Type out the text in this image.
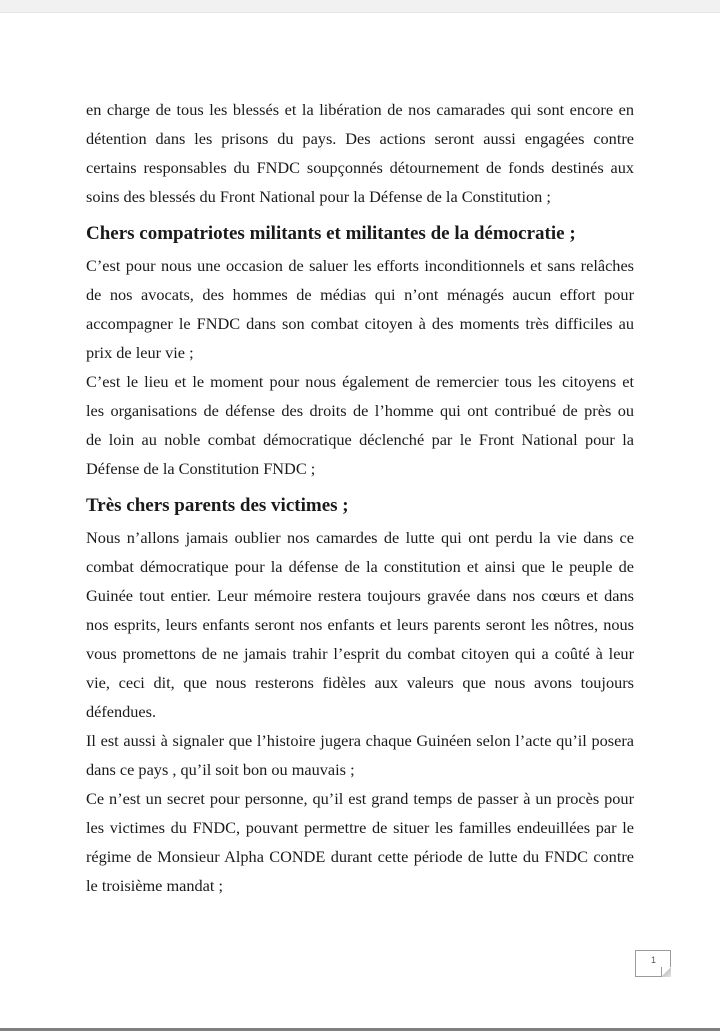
en charge de tous les blessés et la libération de nos camarades qui sont encore en
détention dans les prisons du pays. Des actions seront aussi engagées contre
certains responsables du FNDC soupçonnés détournement de fonds destinés aux
soins des blessés du Front National pour la Défense de la Constitution ;
Chers compatriotes militants et militantes de la démocratie ;
C’est pour nous une occasion de saluer les efforts inconditionnels et sans relâches
de nos avocats, des hommes de médias qui n’ont ménagés aucun effort pour
accompagner le FNDC dans son combat citoyen à des moments très difficiles au
prix de leur vie ;
C’est le lieu et le moment pour nous également de remercier tous les citoyens et
les organisations de défense des droits de l’homme qui ont contribué de près ou
de loin au noble combat démocratique déclenché par le Front National pour la
Défense de la Constitution FNDC ;
Très chers parents des victimes ;
Nous n’allons jamais oublier nos camardes de lutte qui ont perdu la vie dans ce
combat démocratique pour la défense de la constitution et ainsi que le peuple de
Guinée tout entier. Leur mémoire restera toujours gravée dans nos cœurs et dans
nos esprits, leurs enfants seront nos enfants et leurs parents seront les nôtres, nous
vous promettons de ne jamais trahir l’esprit du combat citoyen qui a coûté à leur
vie, ceci dit, que nous resterons fidèles aux valeurs que nous avons toujours
défendues.
Il est aussi à signaler que l’histoire jugera chaque Guinéen selon l’acte qu’il posera
dans ce pays , qu’il soit bon ou mauvais ;
Ce n’est un secret pour personne, qu’il est grand temps de passer à un procès pour
les victimes du FNDC, pouvant permettre de situer les familles endeuillées par le
régime de Monsieur Alpha CONDE durant cette période de lutte du FNDC contre
le troisième mandat ;
1
